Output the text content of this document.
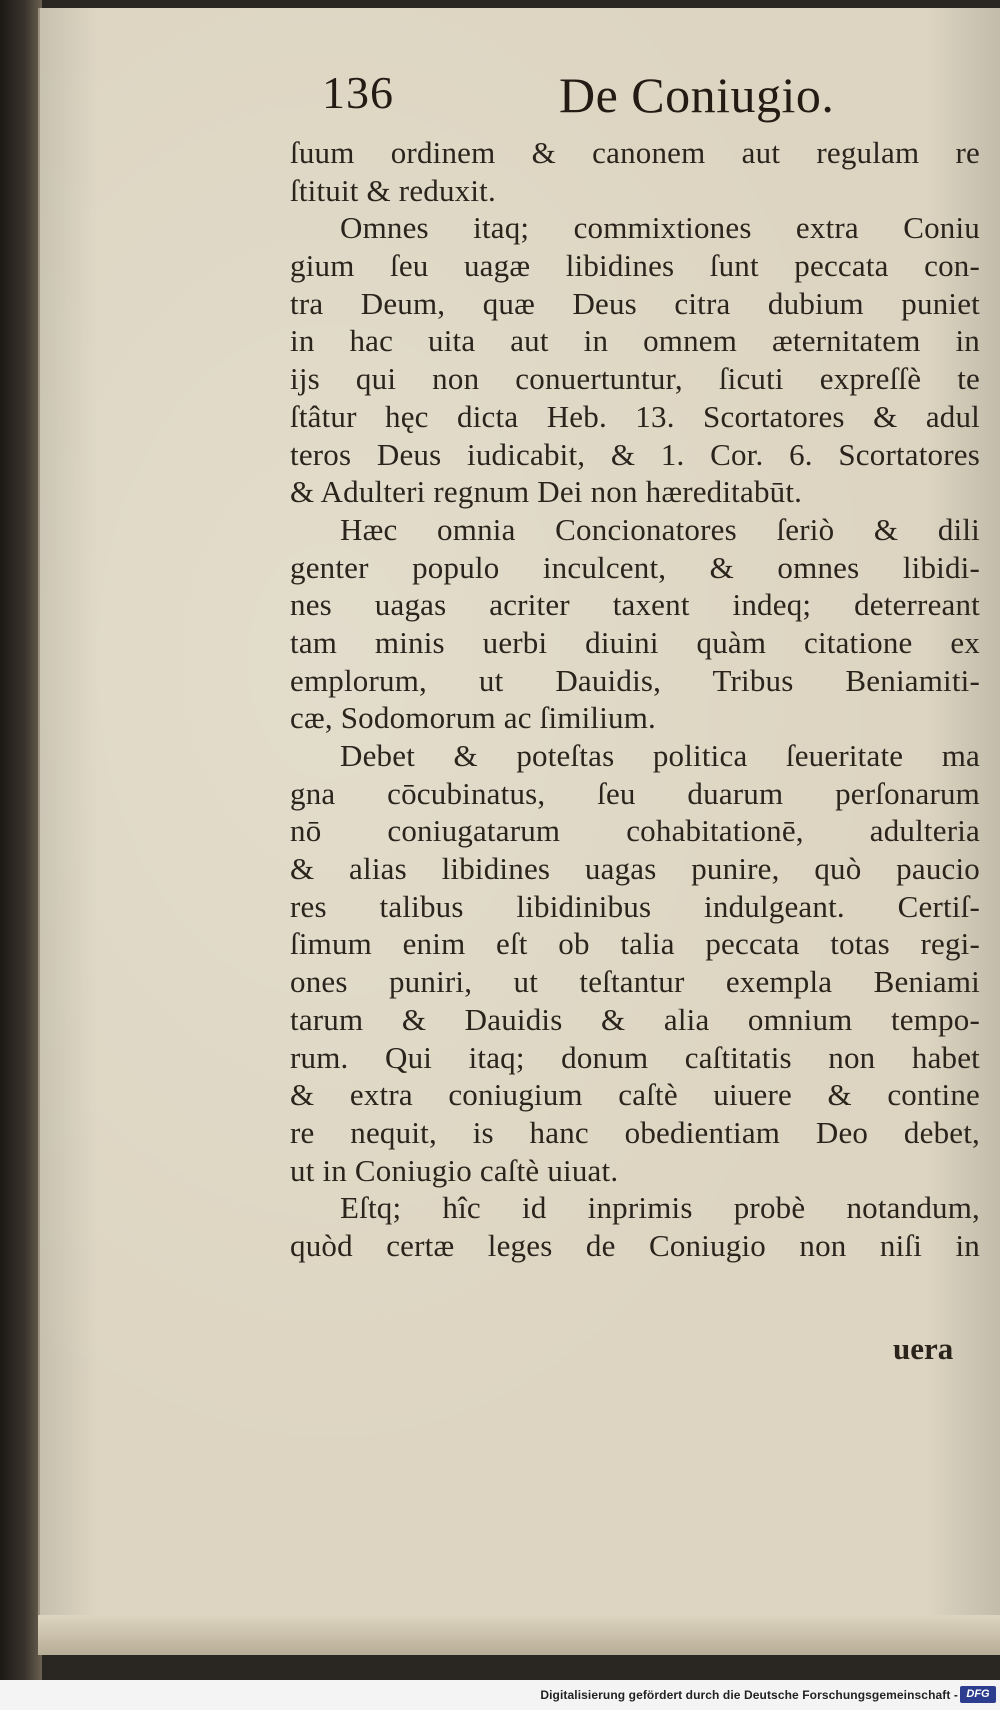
136	De Coniugio.
ſuum ordinem & canonem aut regulam re
ſtituit & reduxit.
Omnes itaq; commixtiones extra Coniu
gium ſeu uagæ libidines ſunt peccata con-
tra Deum, quæ Deus citra dubium puniet
in hac uita aut in omnem æternitatem in
ijs qui non conuertuntur, ſicuti expreſſè te
ſtâtur hęc dicta Heb. 13. Scortatores & adul
teros Deus iudicabit, & 1. Cor. 6. Scortatores
& Adulteri regnum Dei non hæreditabūt.
Hæc omnia Concionatores ſeriò & dili
genter populo inculcent, & omnes libidi-
nes uagas acriter taxent indeq; deterreant
tam minis uerbi diuini quàm citatione ex
emplorum, ut Dauidis, Tribus Beniamiti-
cæ, Sodomorum ac ſimilium.
Debet & poteſtas politica ſeueritate ma
gna cōcubinatus, ſeu duarum perſonarum
nō coniugatarum cohabitationē, adulteria
& alias libidines uagas punire, quò paucio
res talibus libidinibus indulgeant. Certiſ-
ſimum enim eſt ob talia peccata totas regi-
ones puniri, ut teſtantur exempla Beniami
tarum & Dauidis & alia omnium tempo-
rum. Qui itaq; donum caſtitatis non habet
& extra coniugium caſtè uiuere & contine
re nequit, is hanc obedientiam Deo debet,
ut in Coniugio caſtè uiuat.
Eſtq; hîc id inprimis probè notandum,
quòd certæ leges de Coniugio non niſi in
uera
Digitalisierung gefördert durch die Deutsche Forschungsgemeinschaft - DFG
